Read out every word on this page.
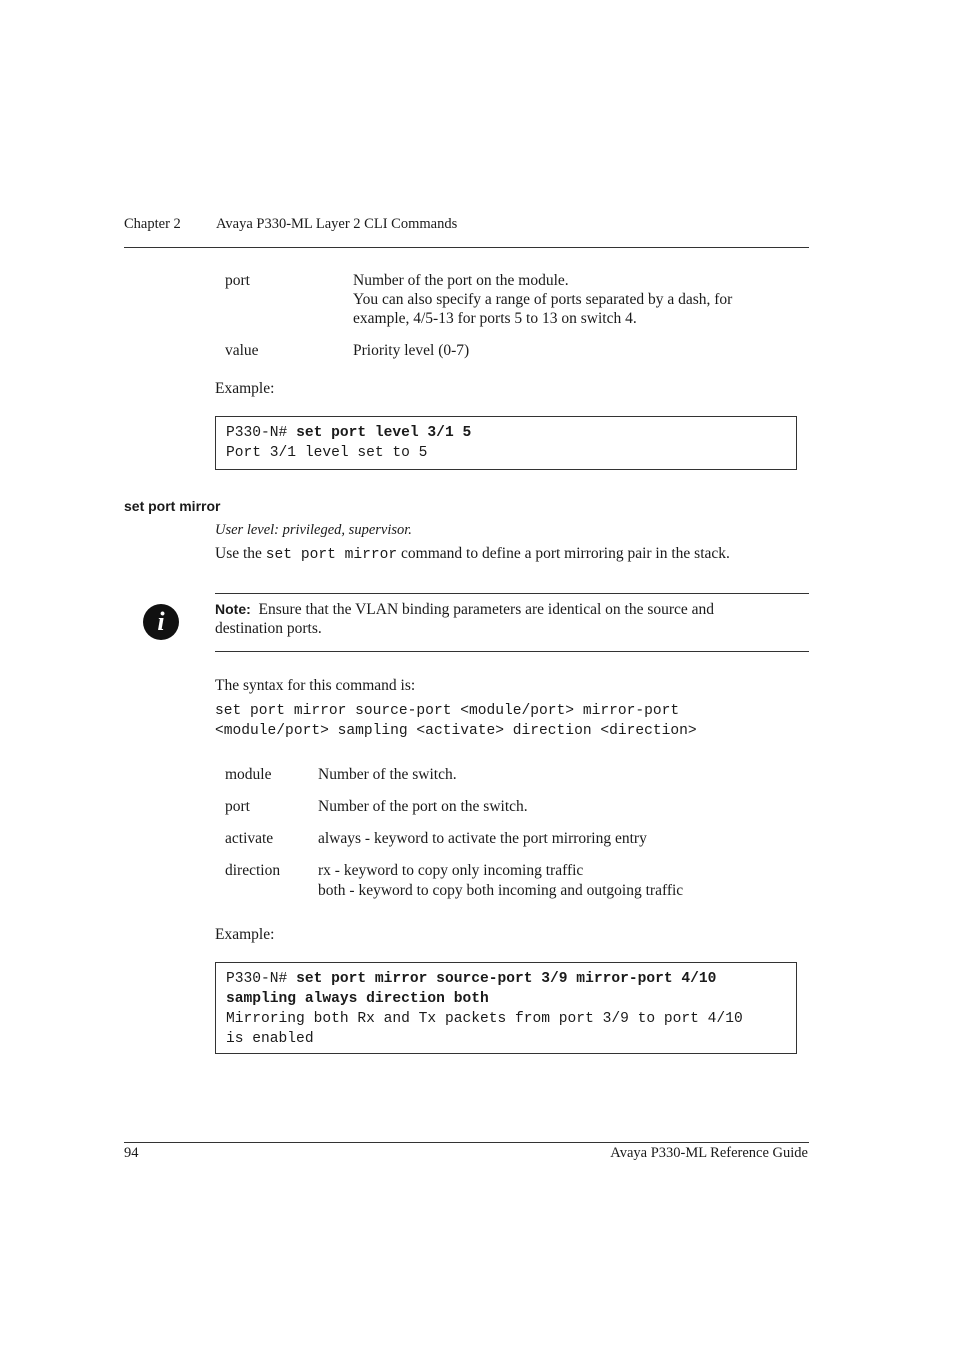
Chapter 2 Avaya P330-ML Layer 2 CLI Commands
port	Number of the port on the module.
You can also specify a range of ports separated by a dash, for
example, 4/5-13 for ports 5 to 13 on switch 4.
value	Priority level (0-7)
Example:
P330-N# set port level 3/1 5
Port 3/1 level set to 5
set port mirror
User level: privileged, supervisor.
Use the set port mirror command to define a port mirroring pair in the stack.
i	Note: Ensure that the VLAN binding parameters are identical on the source and
destination ports.
The syntax for this command is:
set port mirror source-port <module/port> mirror-port
<module/port> sampling <activate> direction <direction>
module	Number of the switch.
port	Number of the port on the switch.
activate	always - keyword to activate the port mirroring entry
direction rx - keyword to copy only incoming traffic
both - keyword to copy both incoming and outgoing traffic
Example:
P330-N# set port mirror source-port 3/9 mirror-port 4/10
sampling always direction both
Mirroring both Rx and Tx packets from port 3/9 to port 4/10
is enabled
94	Avaya P330-ML Reference Guide
